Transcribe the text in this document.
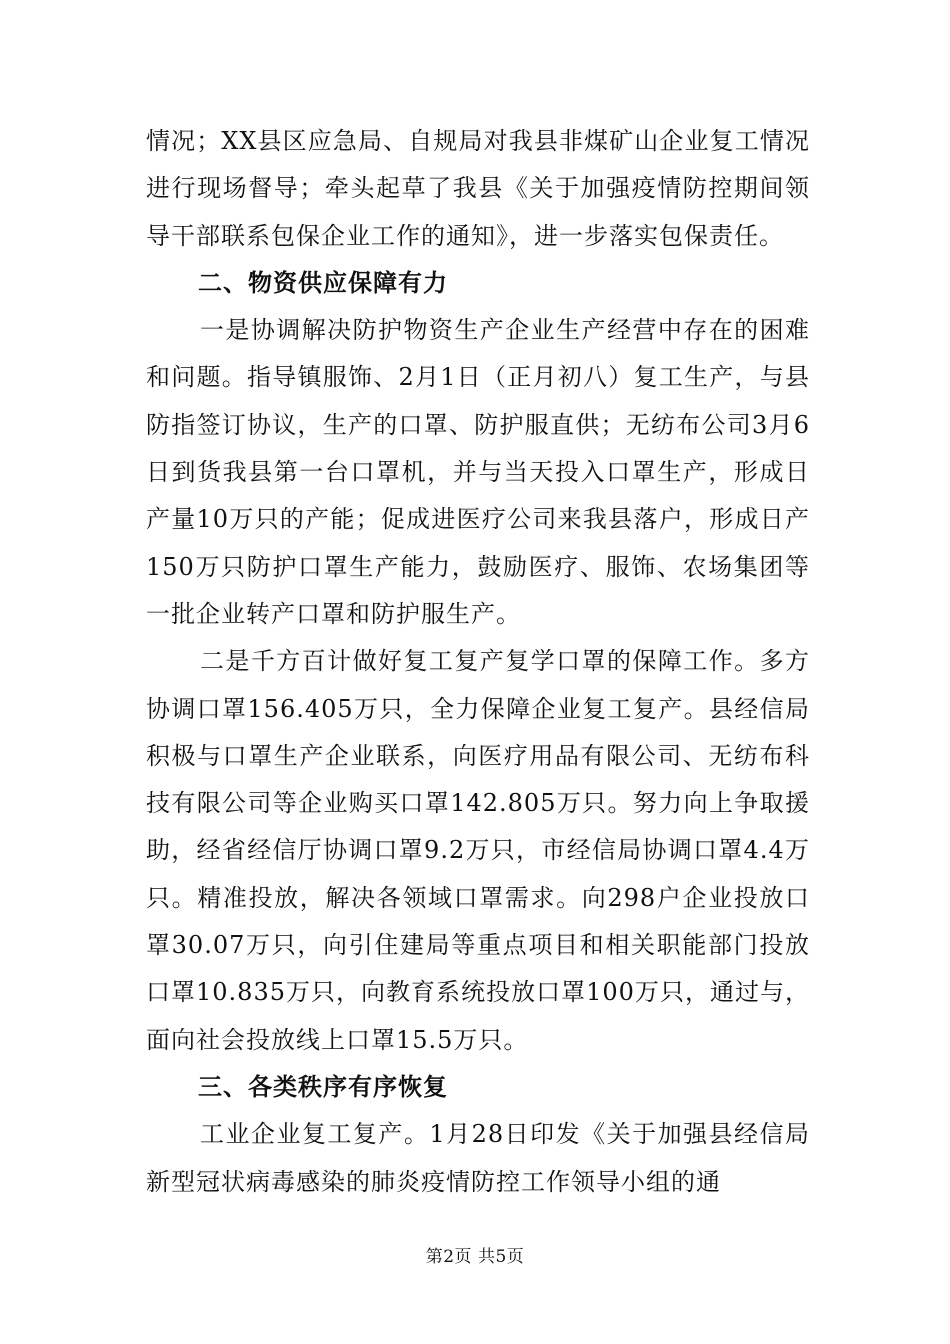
情况；XX县区应急局、自规局对我县非煤矿山企业复工情况进行现场督导；牵头起草了我县《关于加强疫情防控期间领导干部联系包保企业工作的通知》，进一步落实包保责任。

二、物资供应保障有力

一是协调解决防护物资生产企业生产经营中存在的困难和问题。指导镇服饰、2月1日（正月初八）复工生产，与县防指签订协议，生产的口罩、防护服直供；无纺布公司3月6日到货我县第一台口罩机，并与当天投入口罩生产，形成日产量10万只的产能；促成进医疗公司来我县落户，形成日产150万只防护口罩生产能力，鼓励医疗、服饰、农场集团等一批企业转产口罩和防护服生产。

二是千方百计做好复工复产复学口罩的保障工作。多方协调口罩156.405万只，全力保障企业复工复产。县经信局积极与口罩生产企业联系，向医疗用品有限公司、无纺布科技有限公司等企业购买口罩142.805万只。努力向上争取援助，经省经信厅协调口罩9.2万只，市经信局协调口罩4.4万只。精准投放，解决各领域口罩需求。向298户企业投放口罩30.07万只，向引住建局等重点项目和相关职能部门投放口罩10.835万只，向教育系统投放口罩100万只，通过与，面向社会投放线上口罩15.5万只。

三、各类秩序有序恢复

工业企业复工复产。1月28日印发《关于加强县经信局新型冠状病毒感染的肺炎疫情防控工作领导小组的通

第2页 共5页
